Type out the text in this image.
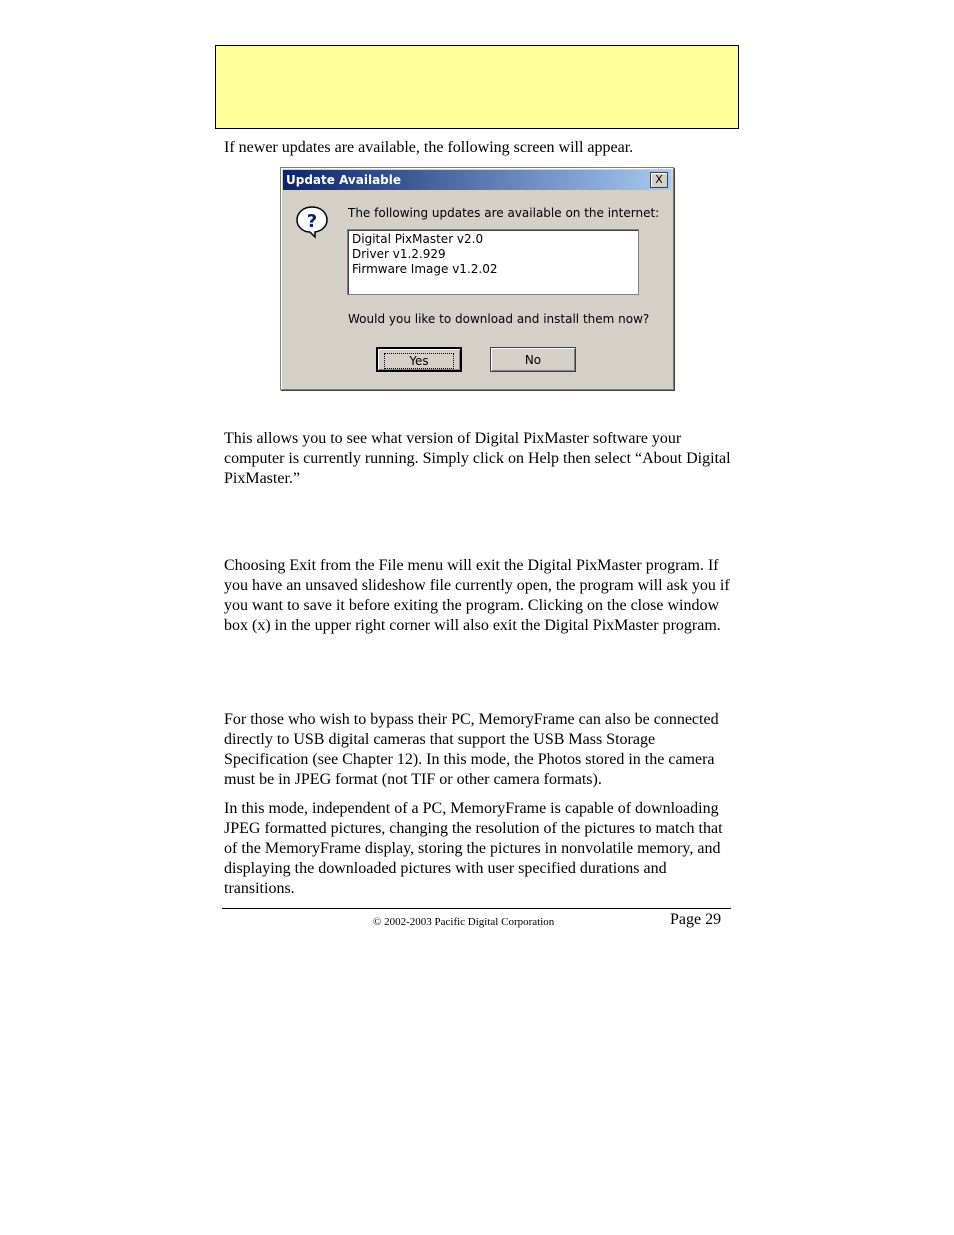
If newer updates are available, the following screen will appear.

Update Available	X
?	The following updates are available on the internet:
Digital PixMaster v2.0
Driver v1.2.929
Firmware Image v1.2.02
Would you like to download and install them now?
Yes	No

This allows you to see what version of Digital PixMaster software your computer is currently running. Simply click on Help then select “About Digital PixMaster.”

Choosing Exit from the File menu will exit the Digital PixMaster program. If you have an unsaved slideshow file currently open, the program will ask you if you want to save it before exiting the program. Clicking on the close window box (x) in the upper right corner will also exit the Digital PixMaster program.

For those who wish to bypass their PC, MemoryFrame can also be connected directly to USB digital cameras that support the USB Mass Storage Specification (see Chapter 12). In this mode, the Photos stored in the camera must be in JPEG format (not TIF or other camera formats).

In this mode, independent of a PC, MemoryFrame is capable of downloading JPEG formatted pictures, changing the resolution of the pictures to match that of the MemoryFrame display, storing the pictures in nonvolatile memory, and displaying the downloaded pictures with user specified durations and transitions.

© 2002-2003 Pacific Digital Corporation	Page 29
